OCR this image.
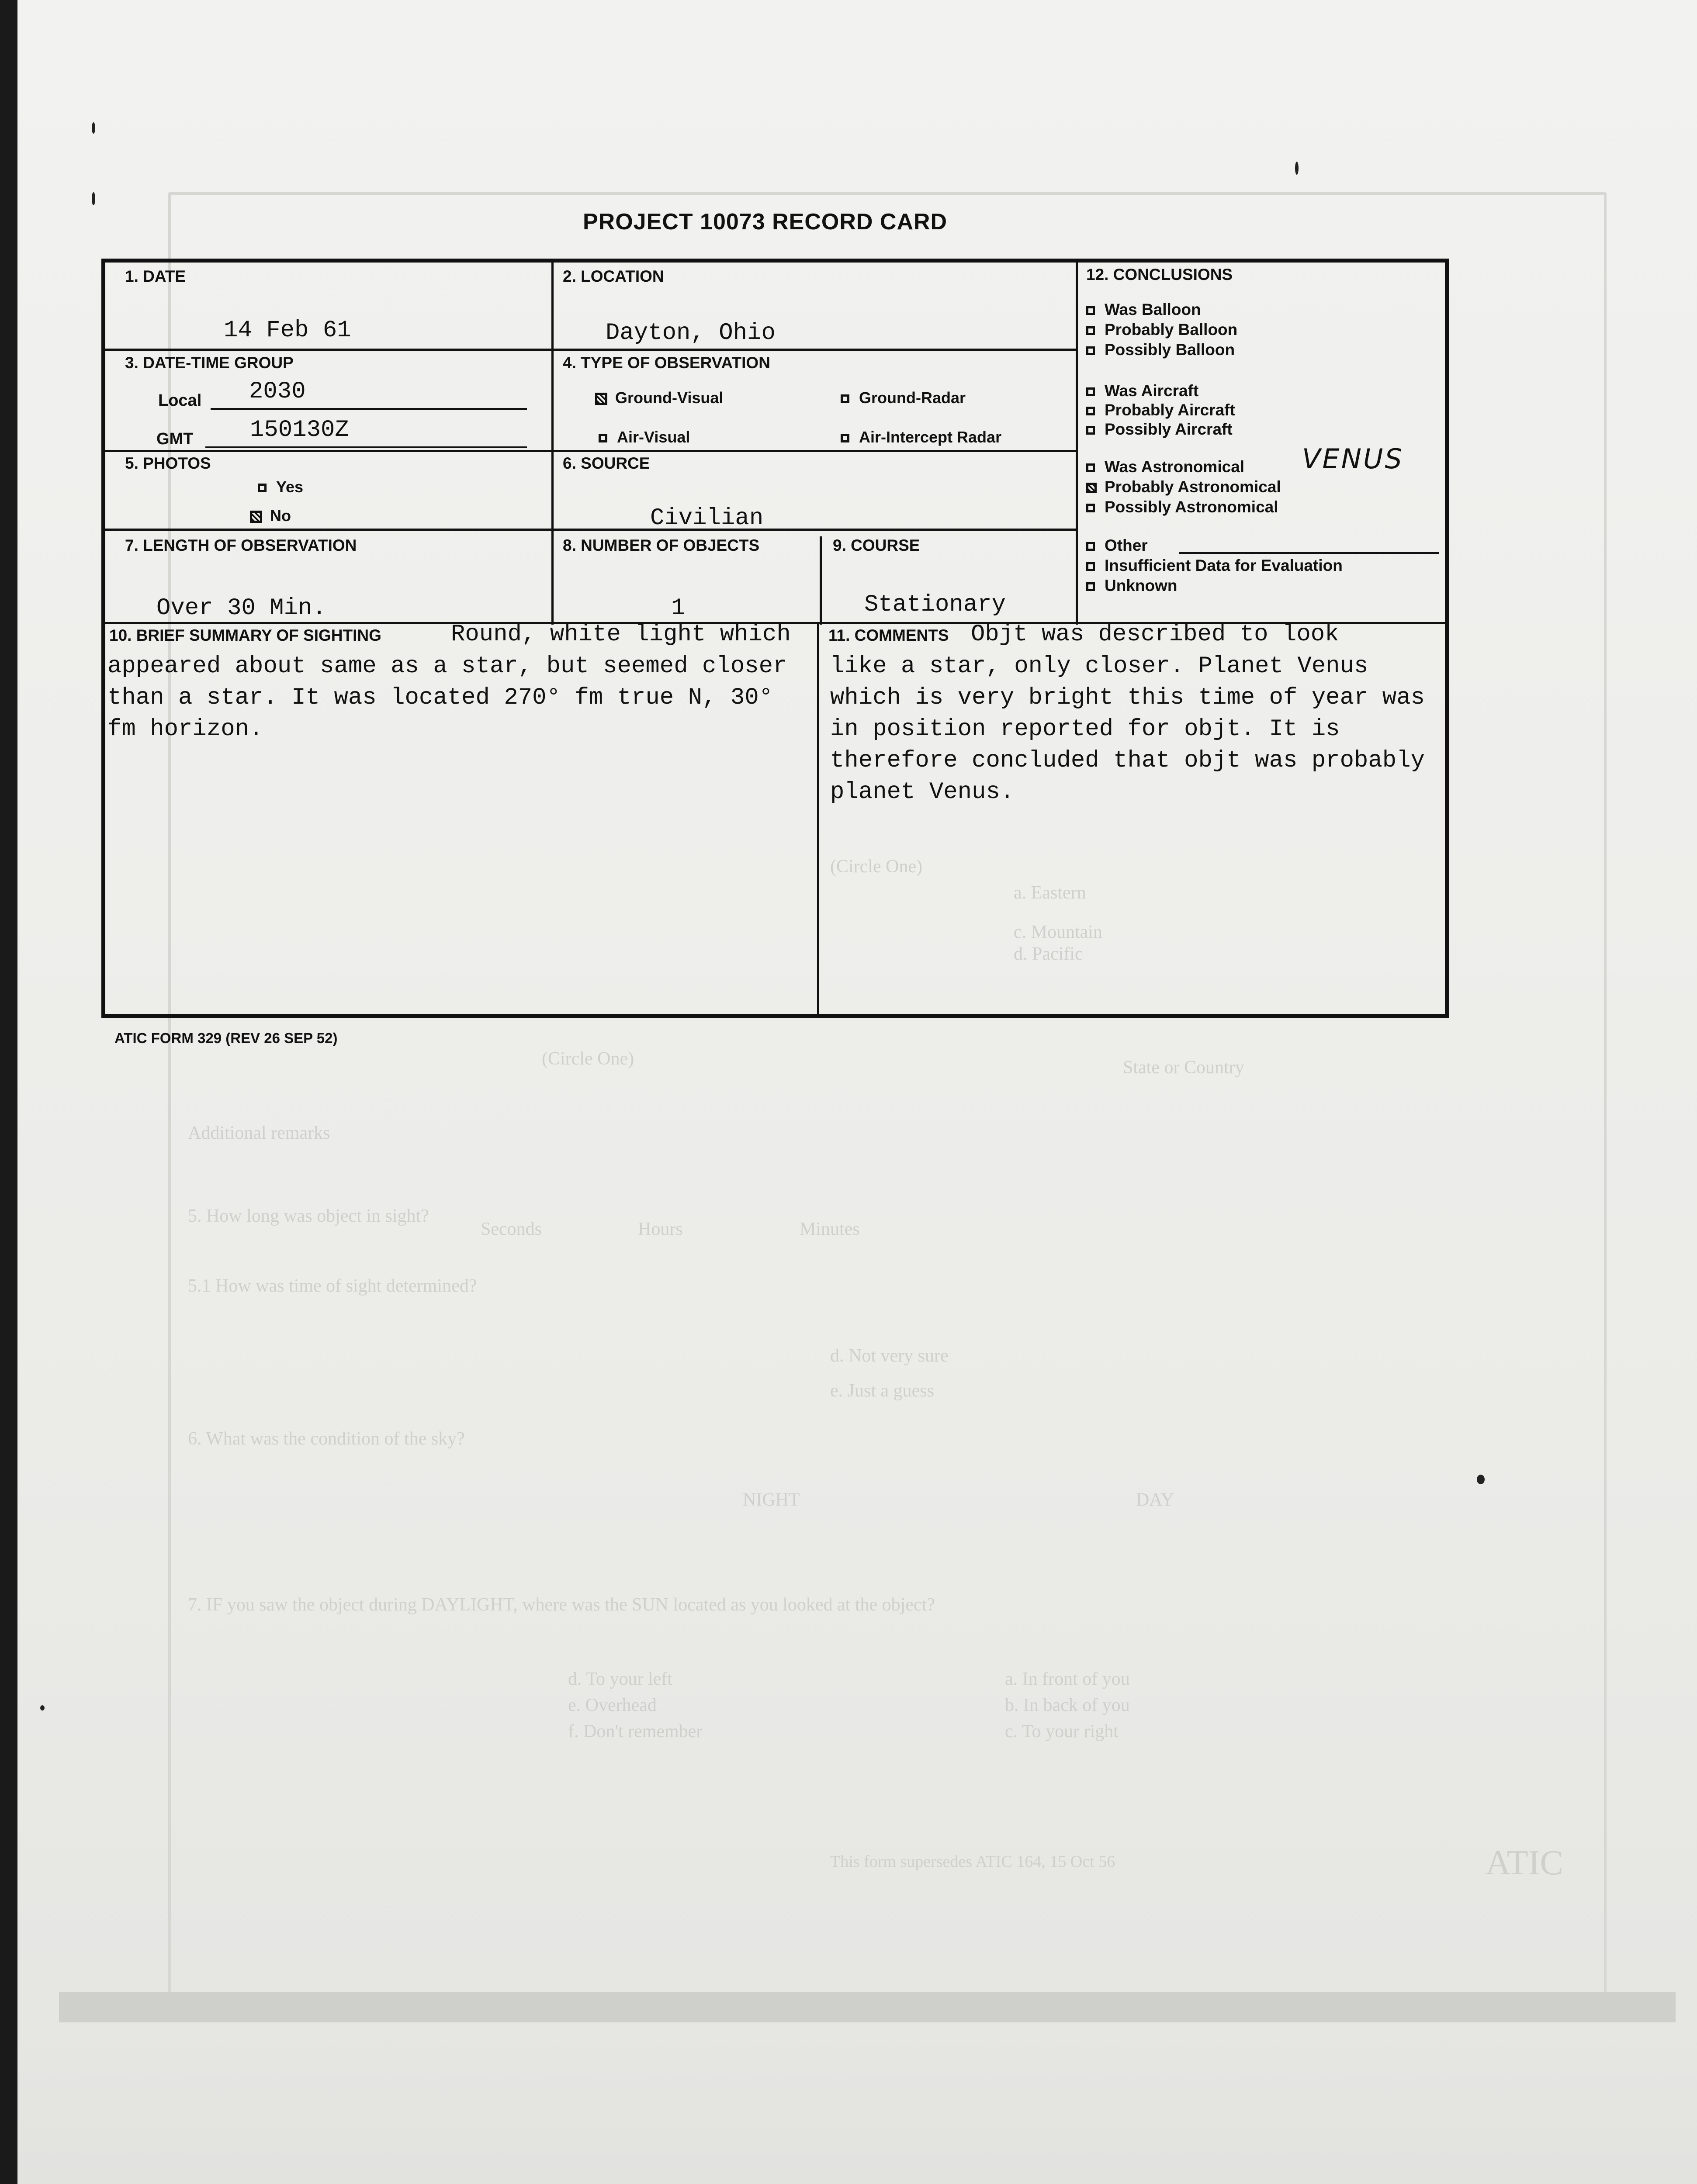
(Circle One)
(Circle One)
a. Eastern
c. Mountain
d. Pacific
State or Country
Additional remarks
5. How long was object in sight?
Hours	Minutes
Seconds
5.1 How was time of sight determined?
d. Not very sure
e. Just a guess
6. What was the condition of the sky?
DAY
NIGHT
7. IF you saw the object during DAYLIGHT, where was the SUN located as you looked at the object?
a. In front of you
b. In back of you
c. To your right
d. To your left
e. Overhead
f. Don't remember
This form supersedes ATIC 164, 15 Oct 56	ATIC
PROJECT 10073 RECORD CARD
1. DATE
14 Feb 61
2. LOCATION
Dayton, Ohio
3. DATE-TIME GROUP
Local 2030
GMT 150130Z
4. TYPE OF OBSERVATION
Ground-Visual	Ground-Radar
Air-Visual	Air-Intercept Radar
5. PHOTOS
Yes
No
6. SOURCE
Civilian
7. LENGTH OF OBSERVATION
Over 30 Min.
8. NUMBER OF OBJECTS
1
9. COURSE
Stationary
12. CONCLUSIONS
Was Balloon
Probably Balloon
Possibly Balloon
Was Aircraft
Probably Aircraft
Possibly Aircraft
Was Astronomical VENUS
Probably Astronomical
Possibly Astronomical
Other
Insufficient Data for Evaluation
Unknown
10. BRIEF SUMMARY OF SIGHTING	Round, white light which
appeared about same as a star, but seemed closer than a star. It was located 270° fm true N, 30° fm horizon.
11. COMMENTS Objt was described to look
like a star, only closer. Planet Venus which is very bright this time of year was in position reported for objt. It is therefore concluded that objt was probably planet Venus.
ATIC FORM 329 (REV 26 SEP 52)
